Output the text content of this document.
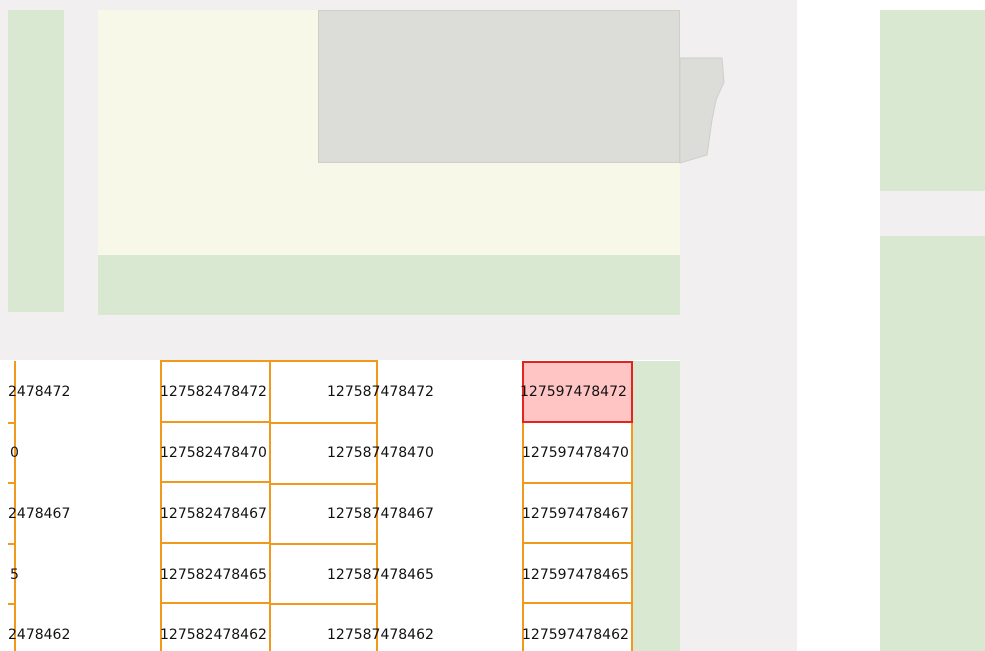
2478472	127582478472	127587478472	127597478472
0	127582478470	127587478470	127597478470
2478467	127582478467	127587478467	127597478467
5	127582478465	127587478465	127597478465
2478462	127582478462	127587478462	127597478462
